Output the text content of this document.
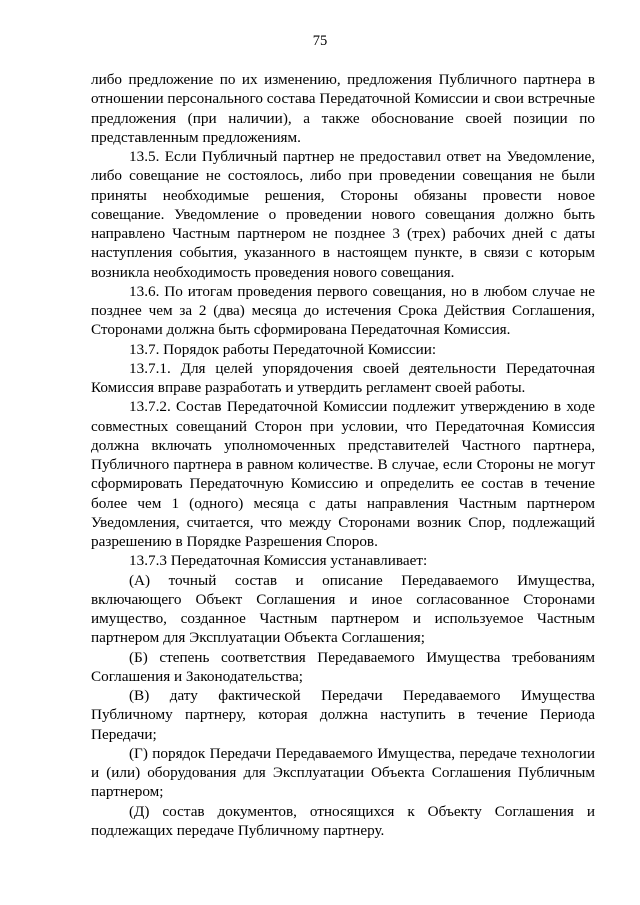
75

либо предложение по их изменению, предложения Публичного партнера в отношении персонального состава Передаточной Комиссии и свои встречные предложения (при наличии), а также обоснование своей позиции по представленным предложениям.

13.5. Если Публичный партнер не предоставил ответ на Уведомление, либо совещание не состоялось, либо при проведении совещания не были приняты необходимые решения, Стороны обязаны провести новое совещание. Уведомление о проведении нового совещания должно быть направлено Частным партнером не позднее 3 (трех) рабочих дней с даты наступления события, указанного в настоящем пункте, в связи с которым возникла необходимость проведения нового совещания.

13.6. По итогам проведения первого совещания, но в любом случае не позднее чем за 2 (два) месяца до истечения Срока Действия Соглашения, Сторонами должна быть сформирована Передаточная Комиссия.

13.7. Порядок работы Передаточной Комиссии:

13.7.1. Для целей упорядочения своей деятельности Передаточная Комиссия вправе разработать и утвердить регламент своей работы.

13.7.2. Состав Передаточной Комиссии подлежит утверждению в ходе совместных совещаний Сторон при условии, что Передаточная Комиссия должна включать уполномоченных представителей Частного партнера, Публичного партнера в равном количестве. В случае, если Стороны не могут сформировать Передаточную Комиссию и определить ее состав в течение более чем 1 (одного) месяца с даты направления Частным партнером Уведомления, считается, что между Сторонами возник Спор, подлежащий разрешению в Порядке Разрешения Споров.

13.7.3 Передаточная Комиссия устанавливает:

(А) точный состав и описание Передаваемого Имущества, включающего Объект Соглашения и иное согласованное Сторонами имущество, созданное Частным партнером и используемое Частным партнером для Эксплуатации Объекта Соглашения;

(Б) степень соответствия Передаваемого Имущества требованиям Соглашения и Законодательства;

(В) дату фактической Передачи Передаваемого Имущества Публичному партнеру, которая должна наступить в течение Периода Передачи;

(Г) порядок Передачи Передаваемого Имущества, передаче технологии и (или) оборудования для Эксплуатации Объекта Соглашения Публичным партнером;

(Д) состав документов, относящихся к Объекту Соглашения и подлежащих передаче Публичному партнеру.
